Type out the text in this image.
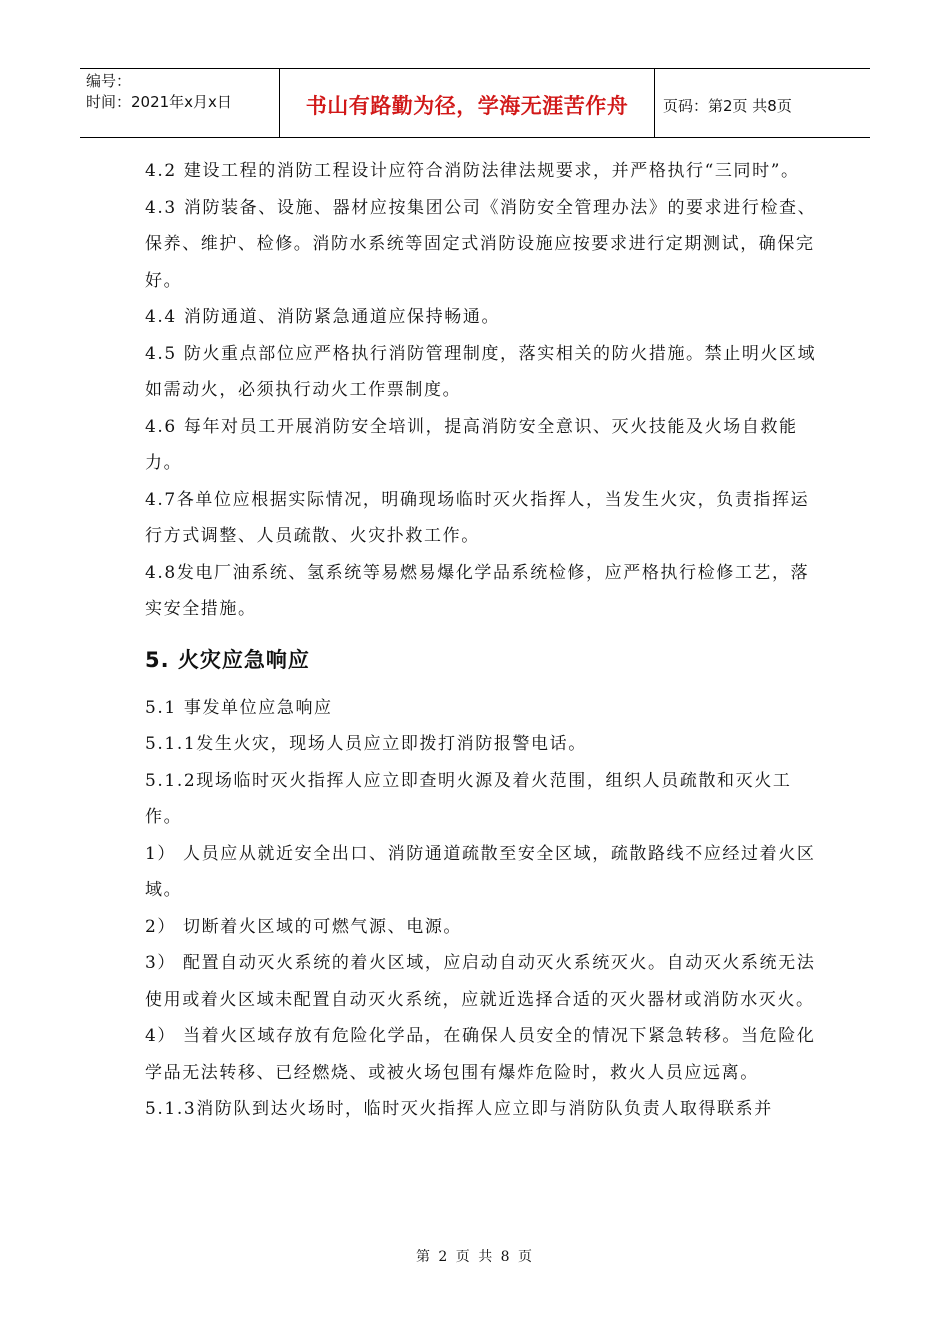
编号：
时间：2021年x月x日	书山有路勤为径，学海无涯苦作舟	页码：第2页 共8页

4.2 建设工程的消防工程设计应符合消防法律法规要求，并严格执行“三同时”。

4.3 消防装备、设施、器材应按集团公司《消防安全管理办法》的要求进行检查、保养、维护、检修。消防水系统等固定式消防设施应按要求进行定期测试，确保完好。

4.4 消防通道、消防紧急通道应保持畅通。

4.5 防火重点部位应严格执行消防管理制度，落实相关的防火措施。禁止明火区域如需动火，必须执行动火工作票制度。

4.6 每年对员工开展消防安全培训，提高消防安全意识、灭火技能及火场自救能力。

4.7各单位应根据实际情况，明确现场临时灭火指挥人，当发生火灾，负责指挥运行方式调整、人员疏散、火灾扑救工作。

4.8发电厂油系统、氢系统等易燃易爆化学品系统检修，应严格执行检修工艺，落实安全措施。

5. 火灾应急响应

5.1 事发单位应急响应

5.1.1发生火灾，现场人员应立即拨打消防报警电话。

5.1.2现场临时灭火指挥人应立即查明火源及着火范围，组织人员疏散和灭火工作。

1） 人员应从就近安全出口、消防通道疏散至安全区域，疏散路线不应经过着火区域。

2） 切断着火区域的可燃气源、电源。

3） 配置自动灭火系统的着火区域，应启动自动灭火系统灭火。自动灭火系统无法使用或着火区域未配置自动灭火系统，应就近选择合适的灭火器材或消防水灭火。

4） 当着火区域存放有危险化学品，在确保人员安全的情况下紧急转移。当危险化学品无法转移、已经燃烧、或被火场包围有爆炸危险时，救火人员应远离。

5.1.3消防队到达火场时，临时灭火指挥人应立即与消防队负责人取得联系并

第 2 页 共 8 页
